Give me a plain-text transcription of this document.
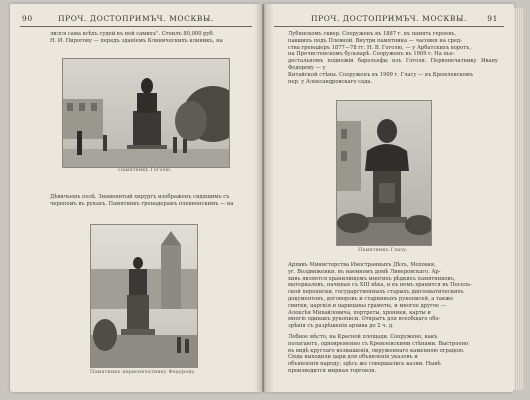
90	ПРОЧ. ДОСТОПРИМЪЧ. МОСКВЫ.

лился сама всѣхъ судей въ ней самихъ". Стоилъ 80,000 руб.
Н. И. Пирогову — передъ зданіемъ Клиническихъ клиникъ, на

Памятникъ Гоголю.

Дѣвичьемъ полѣ. Знаменитый хирургъ изображенъ сидящимъ съ
черепомъ въ рукахъ. Памятникъ гренадерамъ плевненскимъ — на

Памятникъ первопечатнику Федорову.

ПРОЧ. ДОСТОПРИМЪЧ. МОСКВЫ.	91

Лубянскомъ сквер. Сооруженъ въ 1887 г. въ память героевъ,
павшихъ подъ Плевной. Внутри памятника — часовня на сред-
ства гренадеръ 1877—78 гг. Н. В. Гоголю, — у Арбатскихъ воротъ,
на Пречистенскомъ бульварѣ. Сооруженъ въ 1909 г. На пье-
дестальномъ подножіи барельефы изъ Гоголя. Первопечатнику Ивану Федорову — у
Китайской стѣны. Сооруженъ въ 1909 г. Гласу — въ Кремлевскомъ
пер. у Александровскаго сада.

Памятникъ Глазу.

Архивъ Министерства Иностранныхъ Дѣлъ, Моховая,
уг. Воздвиженки, въ наемномъ домѣ Ливеровскаго. Ар-
хивъ является хранилищемъ многихъ рѣдкихъ памятниковъ,
материаловъ, начиная съ XIII вѣка, и въ немъ хранится въ Посоль-
ской переписки, государственныхъ старыхъ дипломатическихъ
документовъ, договоровъ и старинныхъ рукописей, а также
свитки, царскія и царицыны грамоты, и многое другое —
Алексѣя Михайловича, портреты, хроники, карты и
многіе одинакъ рукописи. Открытъ для всеобщаго обо-
зрѣнія съ разрѣшенія архива до 2 ч. д.

Лобное мѣсто, на Красной площади. Сооружено, какъ
полагаютъ, одновременно съ Кремлевскими стѣнами. Выстроено
въ видѣ круглаго возвышенія, окруженнаго каменною оградою.
Сюда выходили цари для объявленія указовъ и
объявленія народу; здѣсь же совершались казни. Нынѣ
производится мирная торговля.
